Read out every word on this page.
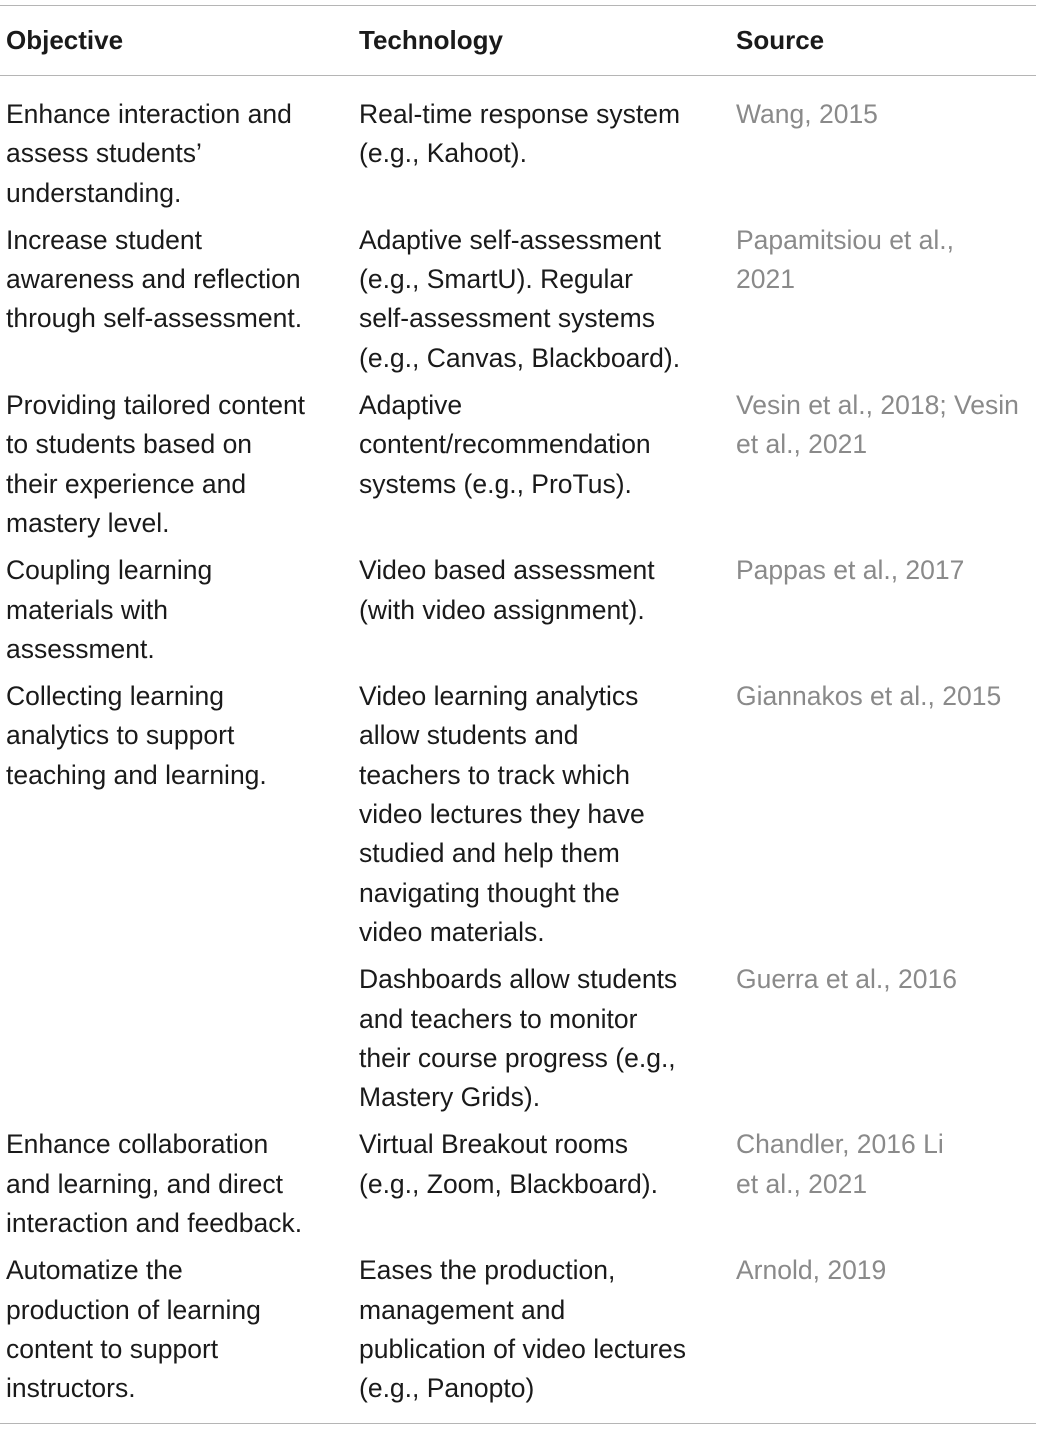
Objective	Technology	Source
Enhance interaction and
assess students’
understanding.
Real-time response system
(e.g., Kahoot).
Wang, 2015
Increase student
awareness and reflection
through self-assessment.
Adaptive self-assessment
(e.g., SmartU). Regular
self-assessment systems
(e.g., Canvas, Blackboard).
Papamitsiou et al.,
2021
Providing tailored content
to students based on
their experience and
mastery level.
Adaptive
content/recommendation
systems (e.g., ProTus).
Vesin et al., 2018; Vesin
et al., 2021
Coupling learning
materials with
assessment.
Video based assessment
(with video assignment).
Pappas et al., 2017
Collecting learning
analytics to support
teaching and learning.
Video learning analytics
allow students and
teachers to track which
video lectures they have
studied and help them
navigating thought the
video materials.
Giannakos et al., 2015
Dashboards allow students
and teachers to monitor
their course progress (e.g.,
Mastery Grids).
Guerra et al., 2016
Enhance collaboration
and learning, and direct
interaction and feedback.
Virtual Breakout rooms
(e.g., Zoom, Blackboard).
Chandler, 2016 Li
et al., 2021
Automatize the
production of learning
content to support
instructors.
Eases the production,
management and
publication of video lectures
(e.g., Panopto)
Arnold, 2019
